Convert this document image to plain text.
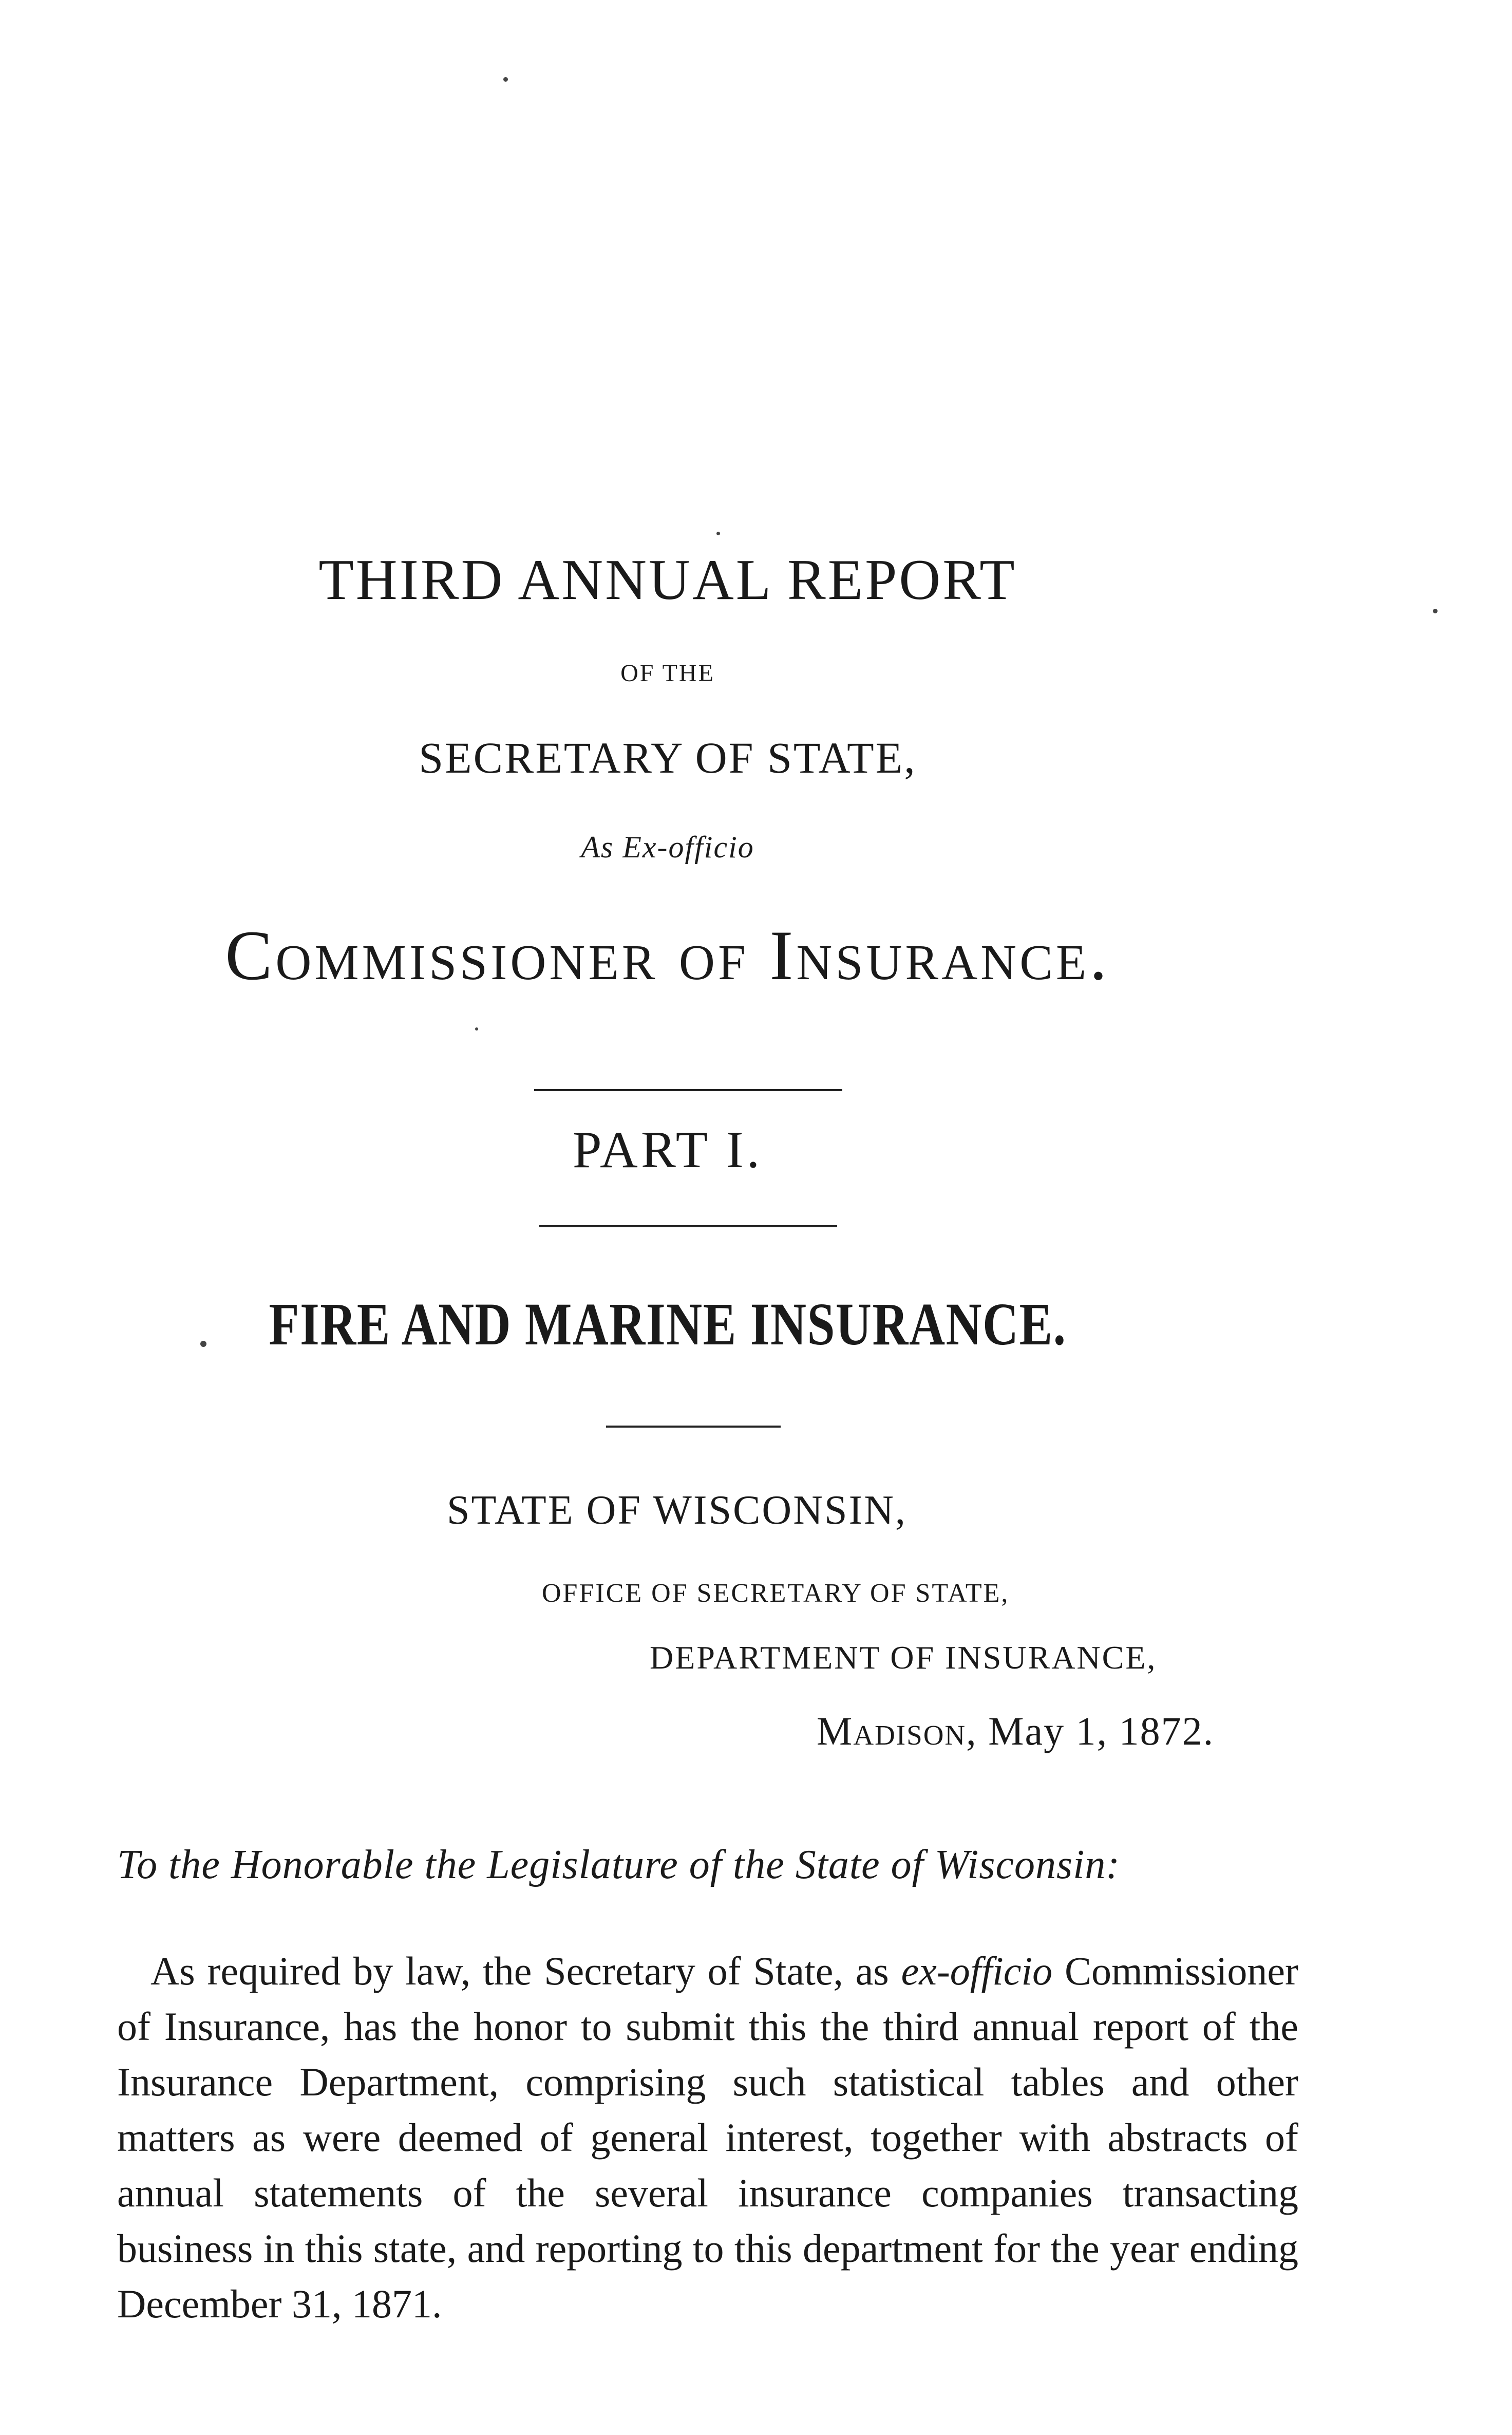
THIRD ANNUAL REPORT
OF THE
SECRETARY OF STATE,
As Ex-officio
Commissioner of Insurance.
PART I.
FIRE AND MARINE INSURANCE.
STATE OF WISCONSIN,
OFFICE OF SECRETARY OF STATE,
DEPARTMENT OF INSURANCE,
Madison, May 1, 1872.
To the Honorable the Legislature of the State of Wisconsin:

As required by law, the Secretary of State, as ex-officio Commissioner of Insurance, has the honor to submit this the third annual report of the Insurance Department, comprising such statistical tables and other matters as were deemed of general interest, together with abstracts of annual statements of the several insurance companies transacting business in this state, and reporting to this department for the year ending December 31, 1871.
